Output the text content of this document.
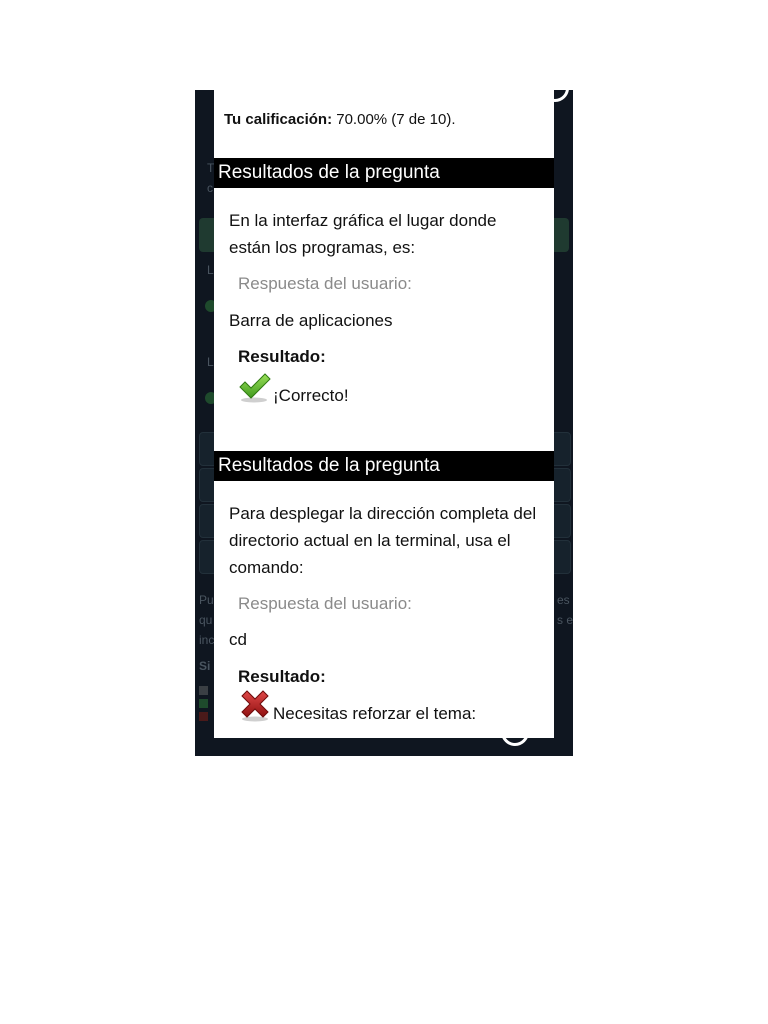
T
c
L
L
Pu
qu
inc
es
s e
Si
Tu calificación: 70.00% (7 de 10).
Resultados de la pregunta
En la interfaz gráfica el lugar donde están los programas, es:
Respuesta del usuario:
Barra de aplicaciones
Resultado:
¡Correcto!
Resultados de la pregunta
Para desplegar la dirección completa del directorio actual en la terminal, usa el comando:
Respuesta del usuario:
cd
Resultado:
Necesitas reforzar el tema:
